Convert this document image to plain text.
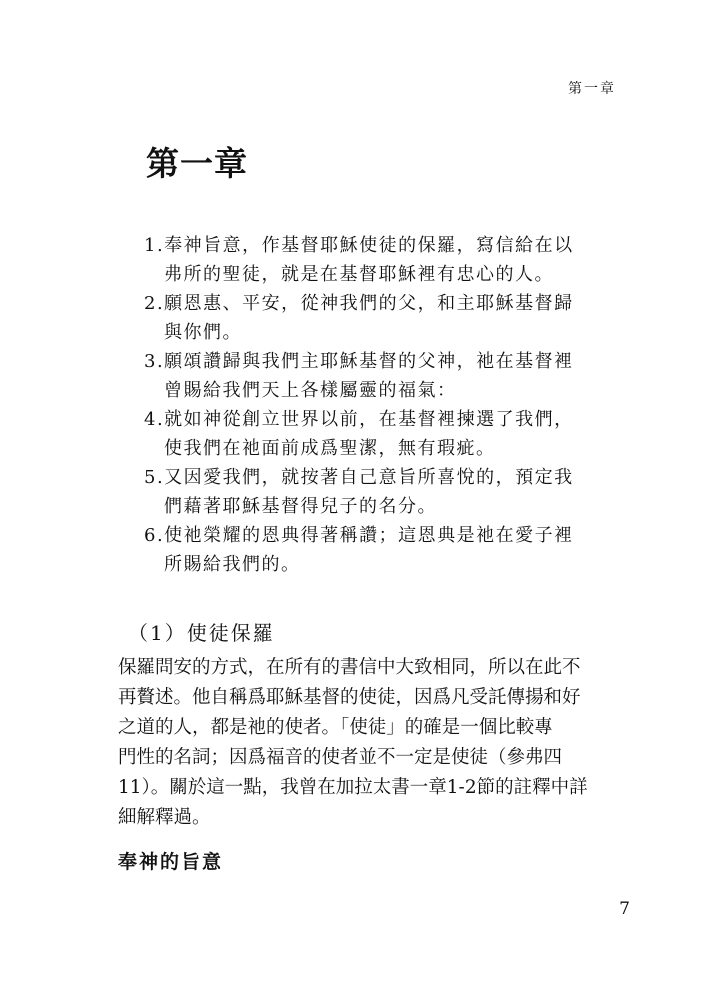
第一章
第一章
1.奉神旨意，作基督耶穌使徒的保羅，寫信給在以
弗所的聖徒，就是在基督耶穌裡有忠心的人。
2.願恩惠、平安，從神我們的父，和主耶穌基督歸
與你們。
3.願頌讚歸與我們主耶穌基督的父神，祂在基督裡
曾賜給我們天上各樣屬靈的福氣：
4.就如神從創立世界以前，在基督裡揀選了我們，
使我們在祂面前成爲聖潔，無有瑕疵。
5.又因愛我們，就按著自己意旨所喜悅的，預定我
們藉著耶穌基督得兒子的名分。
6.使祂榮耀的恩典得著稱讚；這恩典是祂在愛子裡
所賜給我們的。
（1）使徒保羅
保羅問安的方式，在所有的書信中大致相同，所以在此不
再贅述。他自稱爲耶穌基督的使徒，因爲凡受託傳揚和好
之道的人，都是祂的使者。「使徒」的確是一個比較專
門性的名詞；因爲福音的使者並不一定是使徒（參弗四
11）。關於這一點，我曾在加拉太書一章1-2節的註釋中詳
細解釋過。
奉神的旨意
7
